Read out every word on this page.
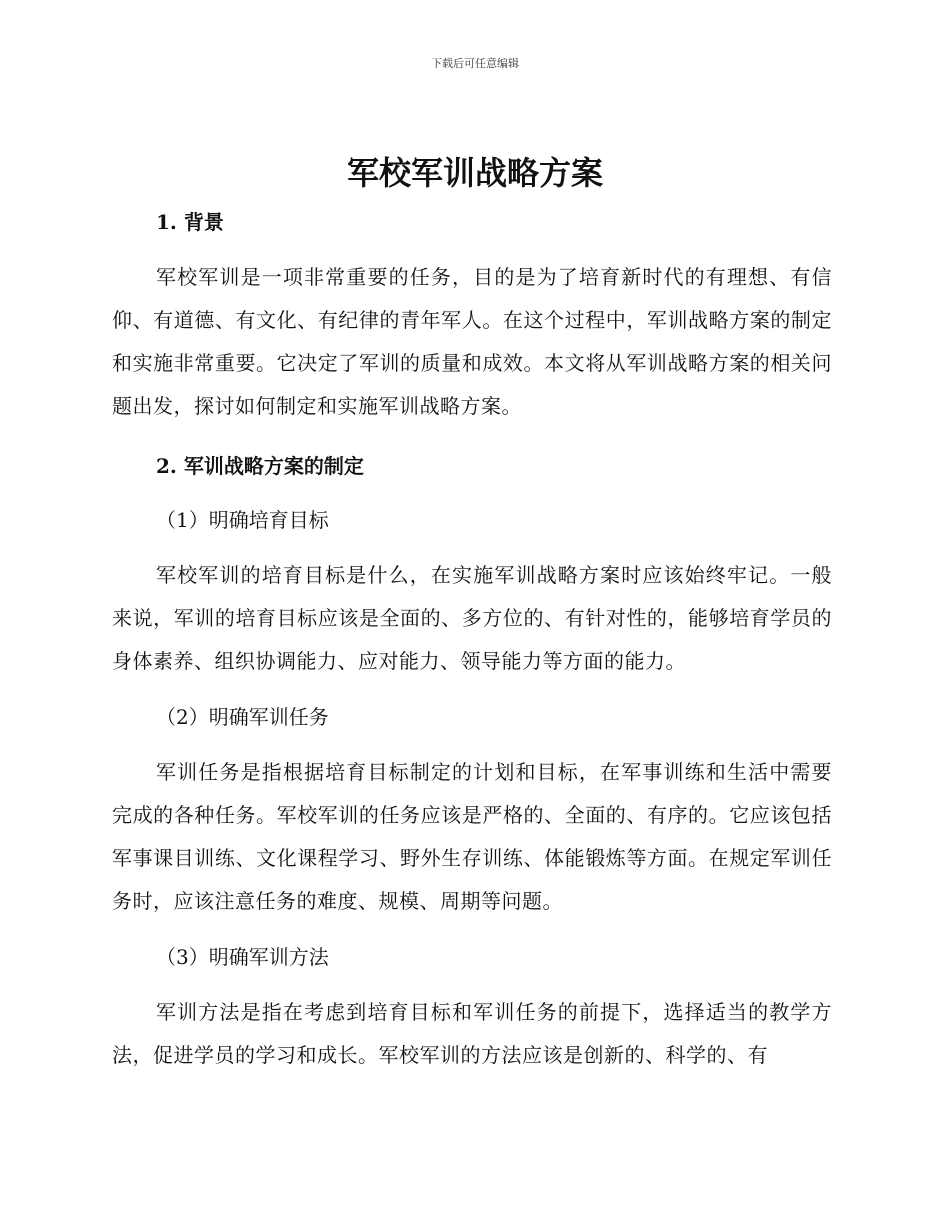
下载后可任意编辑
军校军训战略方案
1. 背景

军校军训是一项非常重要的任务，目的是为了培育新时代的有理想、有信仰、有道德、有文化、有纪律的青年军人。在这个过程中，军训战略方案的制定和实施非常重要。它决定了军训的质量和成效。本文将从军训战略方案的相关问题出发，探讨如何制定和实施军训战略方案。

2. 军训战略方案的制定
（1）明确培育目标

军校军训的培育目标是什么，在实施军训战略方案时应该始终牢记。一般来说，军训的培育目标应该是全面的、多方位的、有针对性的，能够培育学员的身体素养、组织协调能力、应对能力、领导能力等方面的能力。

（2）明确军训任务

军训任务是指根据培育目标制定的计划和目标，在军事训练和生活中需要完成的各种任务。军校军训的任务应该是严格的、全面的、有序的。它应该包括军事课目训练、文化课程学习、野外生存训练、体能锻炼等方面。在规定军训任务时，应该注意任务的难度、规模、周期等问题。

（3）明确军训方法

军训方法是指在考虑到培育目标和军训任务的前提下，选择适当的教学方法，促进学员的学习和成长。军校军训的方法应该是创新的、科学的、有
